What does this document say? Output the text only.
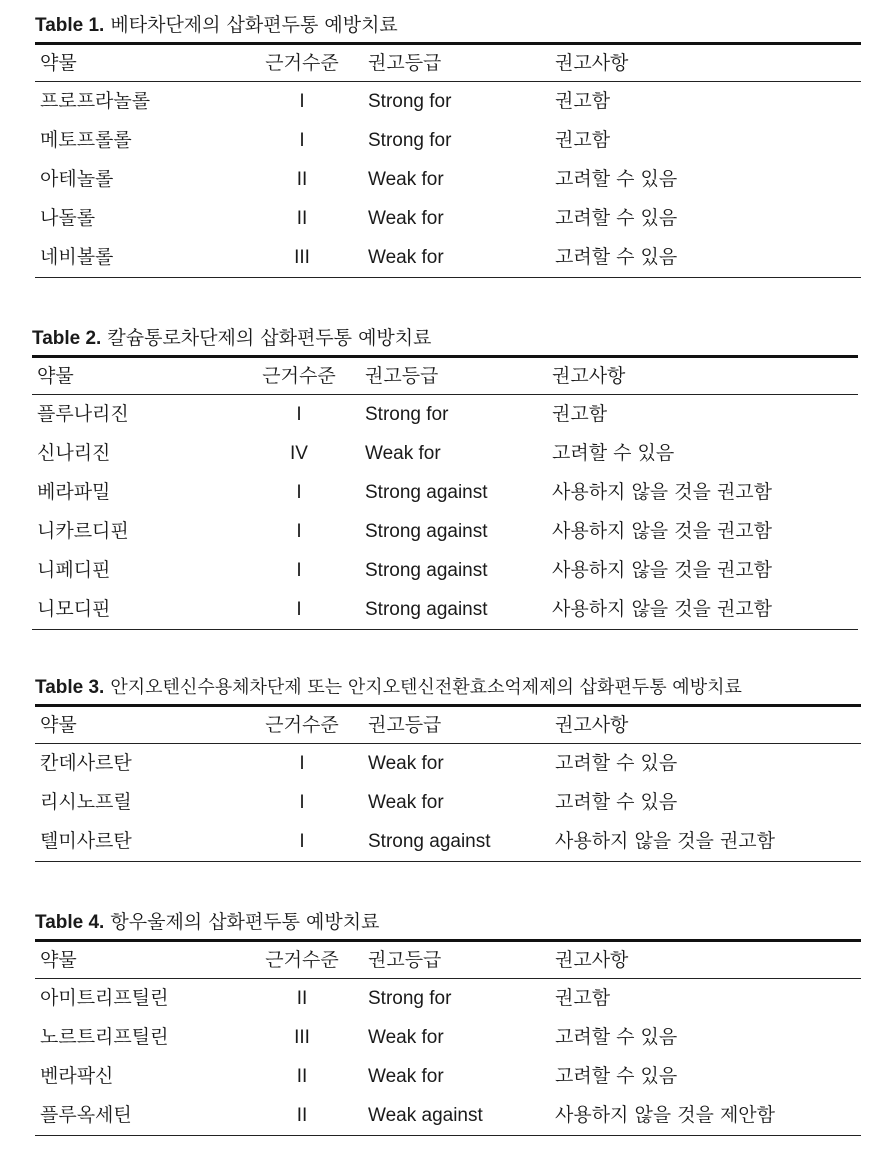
Table 1. 베타차단제의 삽화편두통 예방치료
약물	근거수준 권고등급	권고사항
프로프라놀롤	I	Strong for	권고함
메토프롤롤	I	Strong for	권고함
아테놀롤	II	Weak for	고려할 수 있음
나돌롤	II	Weak for	고려할 수 있음
네비볼롤	III	Weak for	고려할 수 있음
Table 2. 칼슘통로차단제의 삽화편두통 예방치료
약물	근거수준 권고등급	권고사항
플루나리진	I	Strong for	권고함
신나리진	IV	Weak for	고려할 수 있음
베라파밀	I	Strong against	사용하지 않을 것을 권고함
니카르디핀	I	Strong against	사용하지 않을 것을 권고함
니페디핀	I	Strong against	사용하지 않을 것을 권고함
니모디핀	I	Strong against	사용하지 않을 것을 권고함
Table 3. 안지오텐신수용체차단제 또는 안지오텐신전환효소억제제의 삽화편두통 예방치료
약물	근거수준 권고등급	권고사항
칸데사르탄	I	Weak for	고려할 수 있음
리시노프릴	I	Weak for	고려할 수 있음
텔미사르탄	I	Strong against	사용하지 않을 것을 권고함
Table 4. 항우울제의 삽화편두통 예방치료
약물	근거수준 권고등급	권고사항
아미트리프틸린	II	Strong for	권고함
노르트리프틸린	III	Weak for	고려할 수 있음
벤라팍신	II	Weak for	고려할 수 있음
플루옥세틴	II	Weak against	사용하지 않을 것을 제안함
